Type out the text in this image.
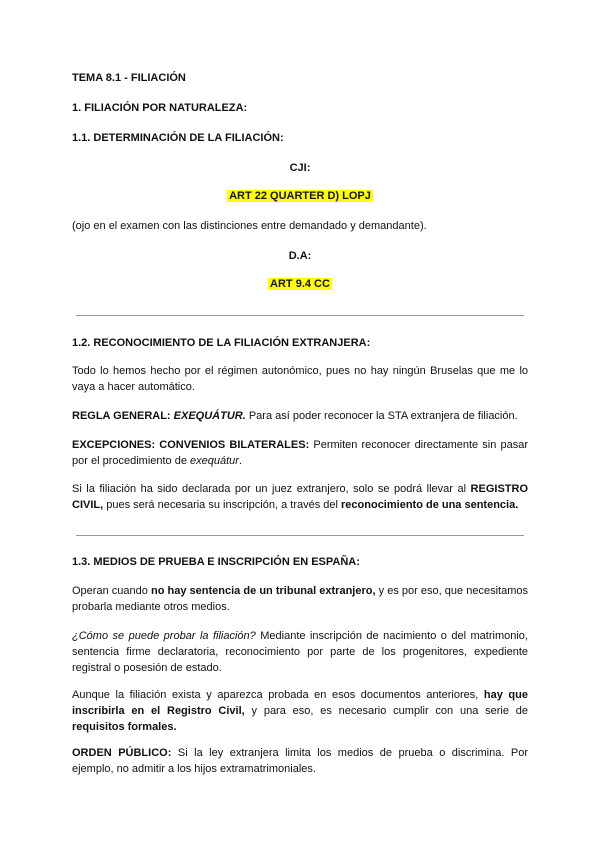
TEMA 8.1 - FILIACIÓN
1. FILIACIÓN POR NATURALEZA:
1.1. DETERMINACIÓN DE LA FILIACIÓN:
CJI:
ART 22 QUARTER D) LOPJ
(ojo en el examen con las distinciones entre demandado y demandante).
D.A:
ART 9.4 CC
1.2. RECONOCIMIENTO DE LA FILIACIÓN EXTRANJERA:
Todo lo hemos hecho por el régimen autonómico, pues no hay ningún Bruselas que me lo vaya a hacer automático.
REGLA GENERAL: EXEQUÁTUR. Para así poder reconocer la STA extranjera de filiación.
EXCEPCIONES: CONVENIOS BILATERALES: Permiten reconocer directamente sin pasar por el procedimiento de exequátur.
Si la filiación ha sido declarada por un juez extranjero, solo se podrá llevar al REGISTRO CIVIL, pues será necesaria su inscripción, a través del reconocimiento de una sentencia.
1.3. MEDIOS DE PRUEBA E INSCRIPCIÓN EN ESPAÑA:
Operan cuando no hay sentencia de un tribunal extranjero, y es por eso, que necesitamos probarla mediante otros medios.
¿Cómo se puede probar la filiación? Mediante inscripción de nacimiento o del matrimonio, sentencia firme declaratoria, reconocimiento por parte de los progenitores, expediente registral o posesión de estado.
Aunque la filiación exista y aparezca probada en esos documentos anteriores, hay que inscribirla en el Registro Civil, y para eso, es necesario cumplir con una serie de requisitos formales.
ORDEN PÚBLICO: Si la ley extranjera limita los medios de prueba o discrimina. Por ejemplo, no admitir a los hijos extramatrimoniales.
